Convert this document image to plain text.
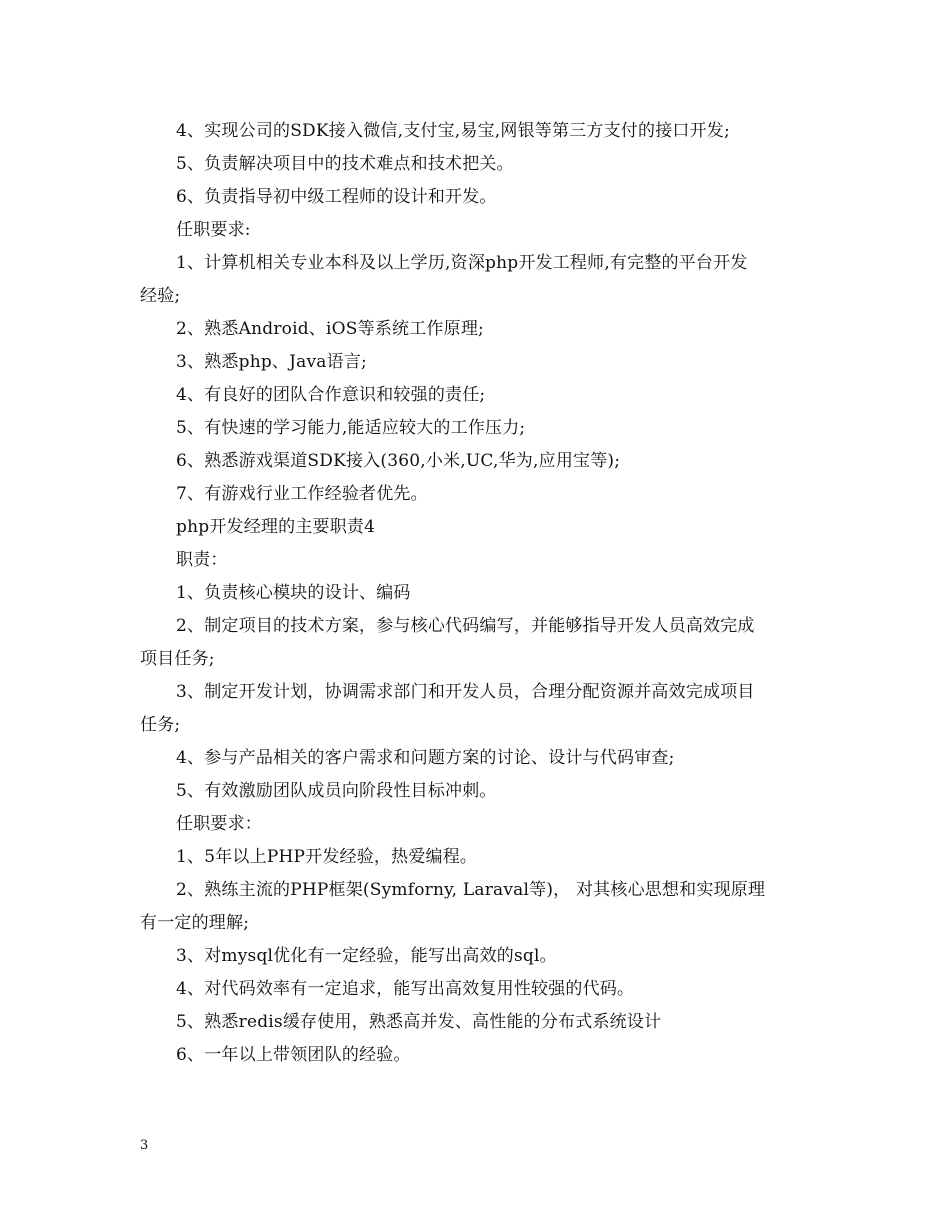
4、实现公司的SDK接入微信,支付宝,易宝,网银等第三方支付的接口开发;
5、负责解决项目中的技术难点和技术把关。
6、负责指导初中级工程师的设计和开发。
任职要求:
1、计算机相关专业本科及以上学历,资深php开发工程师,有完整的平台开发
经验;
2、熟悉Android、iOS等系统工作原理;
3、熟悉php、Java语言;
4、有良好的团队合作意识和较强的责任;
5、有快速的学习能力,能适应较大的工作压力;
6、熟悉游戏渠道SDK接入(360,小米,UC,华为,应用宝等);
7、有游戏行业工作经验者优先。
php开发经理的主要职责4
职责：
1、负责核心模块的设计、编码
2、制定项目的技术方案，参与核心代码编写，并能够指导开发人员高效完成
项目任务;
3、制定开发计划，协调需求部门和开发人员，合理分配资源并高效完成项目
任务;
4、参与产品相关的客户需求和问题方案的讨论、设计与代码审查;
5、有效激励团队成员向阶段性目标冲刺。
任职要求：
1、5年以上PHP开发经验，热爱编程。
2、熟练主流的PHP框架(Symforny, Laraval等)， 对其核心思想和实现原理
有一定的理解;
3、对mysql优化有一定经验，能写出高效的sql。
4、对代码效率有一定追求，能写出高效复用性较强的代码。
5、熟悉redis缓存使用，熟悉高并发、高性能的分布式系统设计
6、一年以上带领团队的经验。
3
